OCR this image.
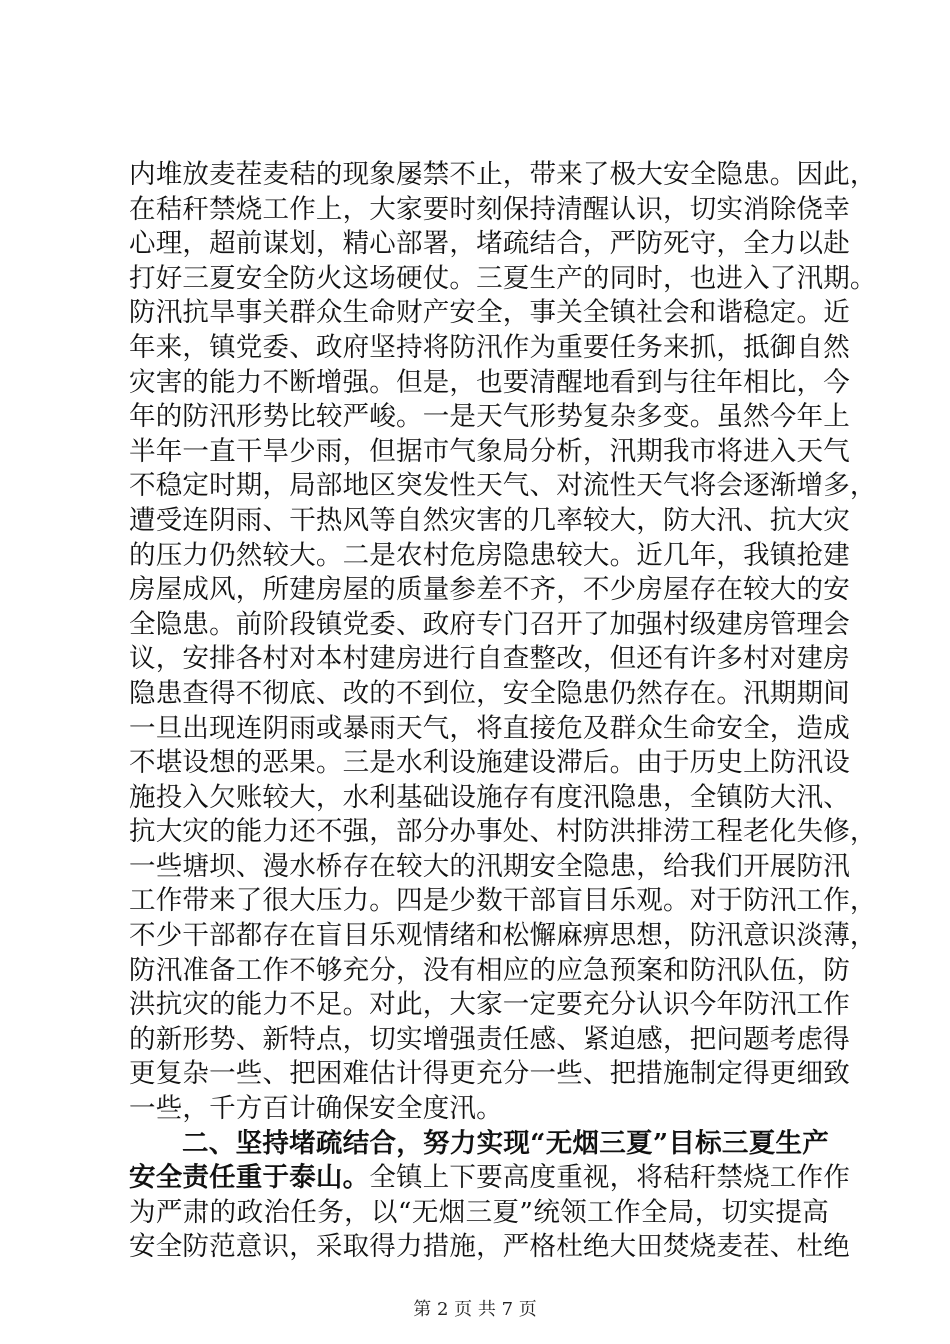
内堆放麦茬麦秸的现象屡禁不止，带来了极大安全隐患。因此，
在秸秆禁烧工作上，大家要时刻保持清醒认识，切实消除侥幸
心理，超前谋划，精心部署，堵疏结合，严防死守，全力以赴
打好三夏安全防火这场硬仗。三夏生产的同时，也进入了汛期。
防汛抗旱事关群众生命财产安全，事关全镇社会和谐稳定。近
年来，镇党委、政府坚持将防汛作为重要任务来抓，抵御自然
灾害的能力不断增强。但是，也要清醒地看到与往年相比，今
年的防汛形势比较严峻。一是天气形势复杂多变。虽然今年上
半年一直干旱少雨，但据市气象局分析，汛期我市将进入天气
不稳定时期，局部地区突发性天气、对流性天气将会逐渐增多，
遭受连阴雨、干热风等自然灾害的几率较大，防大汛、抗大灾
的压力仍然较大。二是农村危房隐患较大。近几年，我镇抢建
房屋成风，所建房屋的质量参差不齐，不少房屋存在较大的安
全隐患。前阶段镇党委、政府专门召开了加强村级建房管理会
议，安排各村对本村建房进行自查整改，但还有许多村对建房
隐患查得不彻底、改的不到位，安全隐患仍然存在。汛期期间
一旦出现连阴雨或暴雨天气，将直接危及群众生命安全，造成
不堪设想的恶果。三是水利设施建设滞后。由于历史上防汛设
施投入欠账较大，水利基础设施存有度汛隐患，全镇防大汛、
抗大灾的能力还不强，部分办事处、村防洪排涝工程老化失修，
一些塘坝、漫水桥存在较大的汛期安全隐患，给我们开展防汛
工作带来了很大压力。四是少数干部盲目乐观。对于防汛工作，
不少干部都存在盲目乐观情绪和松懈麻痹思想，防汛意识淡薄，
防汛准备工作不够充分，没有相应的应急预案和防汛队伍，防
洪抗灾的能力不足。对此，大家一定要充分认识今年防汛工作
的新形势、新特点，切实增强责任感、紧迫感，把问题考虑得
更复杂一些、把困难估计得更充分一些、把措施制定得更细致
一些，千方百计确保安全度汛。
二、坚持堵疏结合，努力实现“无烟三夏”目标三夏生产
安全责任重于泰山。全镇上下要高度重视，将秸秆禁烧工作作
为严肃的政治任务，以“无烟三夏”统领工作全局，切实提高
安全防范意识，采取得力措施，严格杜绝大田焚烧麦茬、杜绝
第 2 页 共 7 页
